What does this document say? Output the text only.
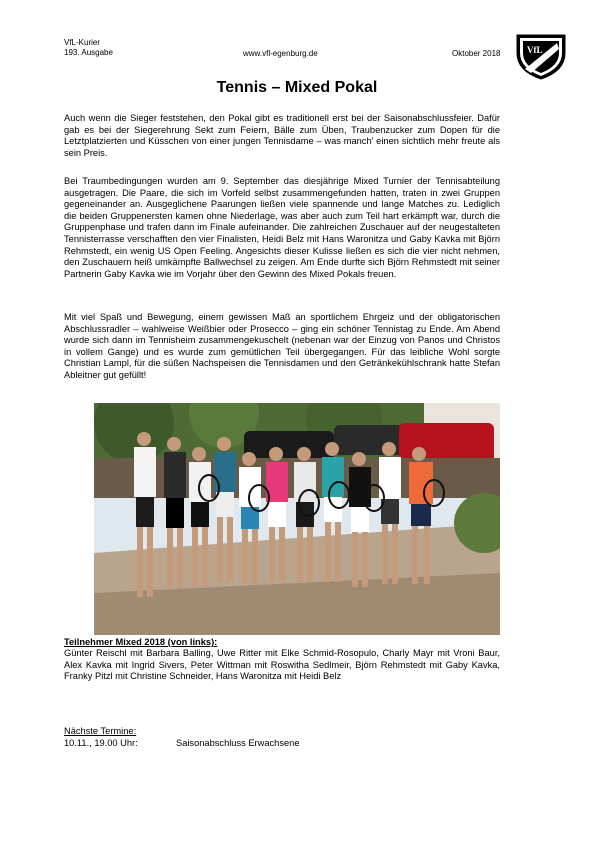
VfL-Kurier
193. Ausgabe	www.vfl-egenburg.de	Oktober 2018	VfL
Tennis – Mixed Pokal

Auch wenn die Sieger feststehen, den Pokal gibt es traditionell erst bei der Saisonabschlussfeier. Dafür gab es bei der Siegerehrung Sekt zum Feiern, Bälle zum Üben, Traubenzucker zum Dopen für die Letztplatzierten und Küsschen von einer jungen Tennisdame – was manch' einen sichtlich mehr freute als sein Preis.

Bei Traumbedingungen wurden am 9. September das diesjährige Mixed Turnier der Tennisabteilung ausgetragen. Die Paare, die sich im Vorfeld selbst zusammengefunden hatten, traten in zwei Gruppen gegeneinander an. Ausgeglichene Paarungen ließen viele spannende und lange Matches zu. Lediglich die beiden Gruppenersten kamen ohne Niederlage, was aber auch zum Teil hart erkämpft war, durch die Gruppenphase und trafen dann im Finale aufeinander. Die zahlreichen Zuschauer auf der neugestalteten Tennisterrasse verschafften den vier Finalisten, Heidi Belz mit Hans Waronitza und Gaby Kavka mit Björn Rehmstedt, ein wenig US Open Feeling. Angesichts dieser Kulisse ließen es sich die vier nicht nehmen, den Zuschauern heiß umkämpfte Ballwechsel zu zeigen. Am Ende durfte sich Björn Rehmstedt mit seiner Partnerin Gaby Kavka wie im Vorjahr über den Gewinn des Mixed Pokals freuen.

Mit viel Spaß und Bewegung, einem gewissen Maß an sportlichem Ehrgeiz und der obligatorischen Abschlussradler – wahlweise Weißbier oder Prosecco – ging ein schöner Tennistag zu Ende. Am Abend wurde sich dann im Tennisheim zusammengekuschelt (nebenan war der Einzug von Panos und Christos in vollem Gange) und es wurde zum gemütlichen Teil übergegangen. Für das leibliche Wohl sorgte Christian Lampl, für die süßen Nachspeisen die Tennisdamen und den Getränkekühlschrank hatte Stefan Ableitner gut gefüllt!

Teilnehmer Mixed 2018 (von links):

Günter Reischl mit Barbara Balling, Uwe Ritter mit Elke Schmid-Rosopulo, Charly Mayr mit Vroni Baur, Alex Kavka mit Ingrid Sivers, Peter Wittman mit Roswitha Sedlmeir, Björn Rehmstedt mit Gaby Kavka, Franky Pitzl mit Christine Schneider, Hans Waronitza mit Heidi Belz

Nächste Termine:
10.11., 19.00 Uhr:	Saisonabschluss Erwachsene
